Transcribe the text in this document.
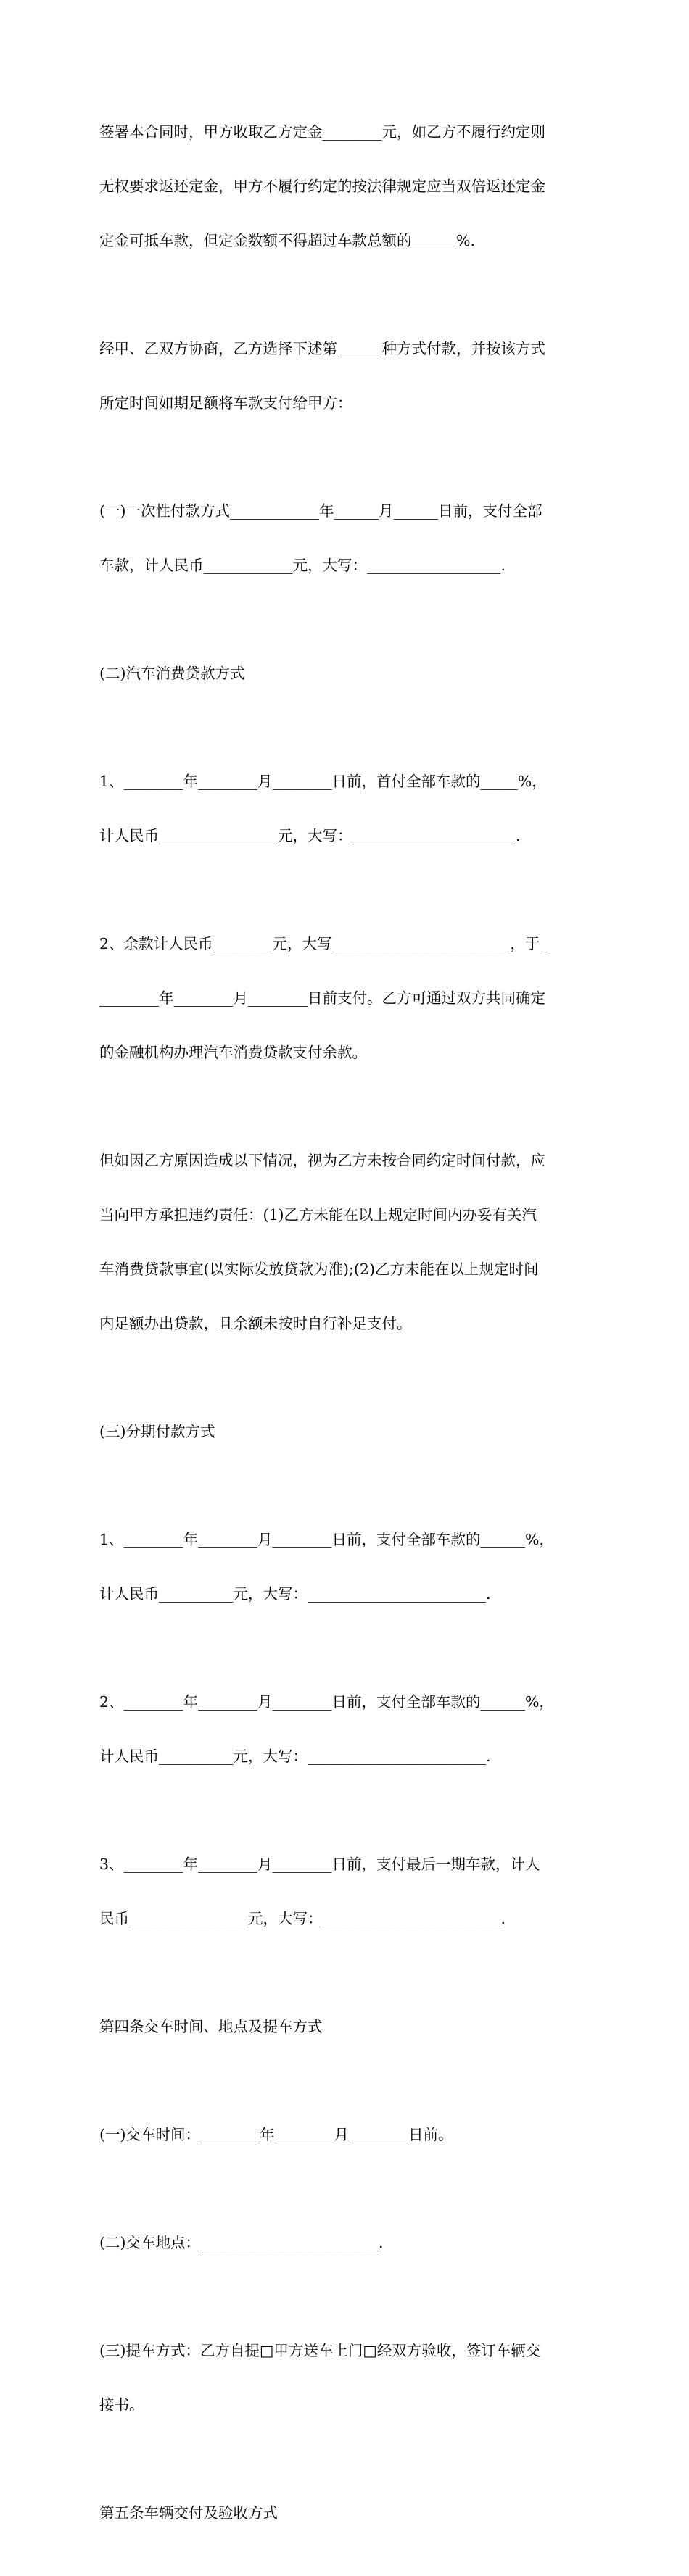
签署本合同时，甲方收取乙方定金________元，如乙方不履行约定则

无权要求返还定金，甲方不履行约定的按法律规定应当双倍返还定金

定金可抵车款，但定金数额不得超过车款总额的______%.

经甲、乙双方协商，乙方选择下述第______种方式付款，并按该方式

所定时间如期足额将车款支付给甲方：

(一)一次性付款方式____________年______月______日前，支付全部

车款，计人民币____________元，大写：__________________.

(二)汽车消费贷款方式

1、________年________月________日前，首付全部车款的_____%，

计人民币________________元，大写：______________________.

2、余款计人民币________元，大写________________________，于_

________年________月________日前支付。乙方可通过双方共同确定

的金融机构办理汽车消费贷款支付余款。

但如因乙方原因造成以下情况，视为乙方未按合同约定时间付款，应

当向甲方承担违约责任：(1)乙方未能在以上规定时间内办妥有关汽

车消费贷款事宜(以实际发放贷款为准);(2)乙方未能在以上规定时间

内足额办出贷款，且余额未按时自行补足支付。

(三)分期付款方式

1、________年________月________日前，支付全部车款的______%，

计人民币__________元，大写：________________________.

2、________年________月________日前，支付全部车款的______%，

计人民币__________元，大写：________________________.

3、________年________月________日前，支付最后一期车款，计人

民币________________元，大写：________________________.

第四条交车时间、地点及提车方式

(一)交车时间：________年________月________日前。

(二)交车地点：________________________.

(三)提车方式：乙方自提□甲方送车上门□经双方验收，签订车辆交

接书。

第五条车辆交付及验收方式
